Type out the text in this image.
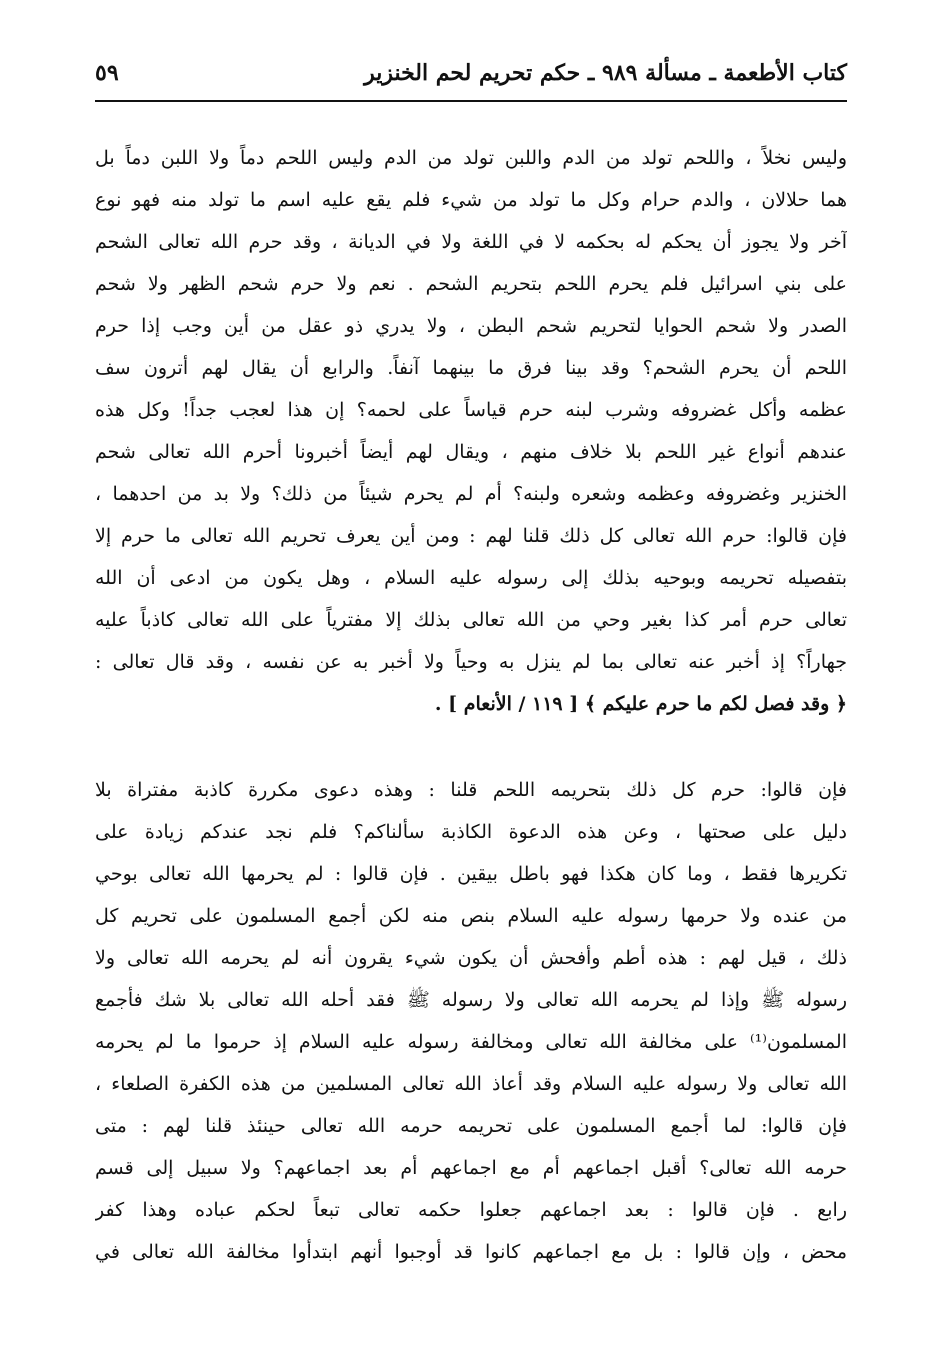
كتاب الأطعمة ـ مسألة ٩٨٩ ـ حكم تحريم لحم الخنزير
٥٩
وليس نخلاً ، واللحم تولد من الدم واللبن تولد من الدم وليس اللحم دماً ولا اللبن دماً بل
هما حلالان ، والدم حرام وكل ما تولد من شيء فلم يقع عليه اسم ما تولد منه فهو نوع
آخر ولا يجوز أن يحكم له بحكمه لا في اللغة ولا في الديانة ، وقد حرم الله تعالى الشحم
على بني اسرائيل فلم يحرم اللحم بتحريم الشحم . نعم ولا حرم شحم الظهر ولا شحم
الصدر ولا شحم الحوايا لتحريم شحم البطن ، ولا يدري ذو عقل من أين وجب إذا حرم
اللحم أن يحرم الشحم؟ وقد بينا فرق ما بينهما آنفاً. والرابع أن يقال لهم أترون سف
عظمه وأكل غضروفه وشرب لبنه حرم قياساً على لحمه؟ إن هذا لعجب جداً! وكل هذه
عندهم أنواع غير اللحم بلا خلاف منهم ، ويقال لهم أيضاً أخبرونا أحرم الله تعالى شحم
الخنزير وغضروفه وعظمه وشعره ولبنه؟ أم لم يحرم شيئاً من ذلك؟ ولا بد من احدهما ،
فإن قالوا: حرم الله تعالى كل ذلك قلنا لهم : ومن أين يعرف تحريم الله تعالى ما حرم إلا
بتفصيله تحريمه وبوحيه بذلك إلى رسوله عليه السلام ، وهل يكون من ادعى أن الله
تعالى حرم أمر كذا بغير وحي من الله تعالى بذلك إلا مفترياً على الله تعالى كاذباً عليه
جهاراً؟ إذ أخبر عنه تعالى بما لم ينزل به وحياً ولا أخبر به عن نفسه ، وقد قال تعالى :
﴿ وقد فصل لكم ما حرم عليكم ﴾ [ ١١٩ / الأنعام ] .
فإن قالوا: حرم كل ذلك بتحريمه اللحم قلنا : وهذه دعوى مكررة كاذبة مفتراة بلا
دليل على صحتها ، وعن هذه الدعوة الكاذبة سألناكم؟ فلم نجد عندكم زيادة على
تكريرها فقط ، وما كان هكذا فهو باطل بيقين . فإن قالوا : لم يحرمها الله تعالى بوحي
من عنده ولا حرمها رسوله عليه السلام بنص منه لكن أجمع المسلمون على تحريم كل
ذلك ، قيل لهم : هذه أطم وأفحش أن يكون شيء يقرون أنه لم يحرمه الله تعالى ولا
رسوله ﷺ وإذا لم يحرمه الله تعالى ولا رسوله ﷺ فقد أحله الله تعالى بلا شك فأجمع
المسلمون⁽¹⁾ على مخالفة الله تعالى ومخالفة رسوله عليه السلام إذ حرموا ما لم يحرمه
الله تعالى ولا رسوله عليه السلام وقد أعاذ الله تعالى المسلمين من هذه الكفرة الصلعاء ،
فإن قالوا: لما أجمع المسلمون على تحريمه حرمه الله تعالى حينئذ قلنا لهم : متى
حرمه الله تعالى؟ أقبل اجماعهم أم مع اجماعهم أم بعد اجماعهم؟ ولا سبيل إلى قسم
رابع . فإن قالوا : بعد اجماعهم جعلوا حكمه تعالى تبعاً لحكم عباده وهذا كفر
محض ، وإن قالوا : بل مع اجماعهم كانوا قد أوجبوا أنهم ابتدأوا مخالفة الله تعالى في
